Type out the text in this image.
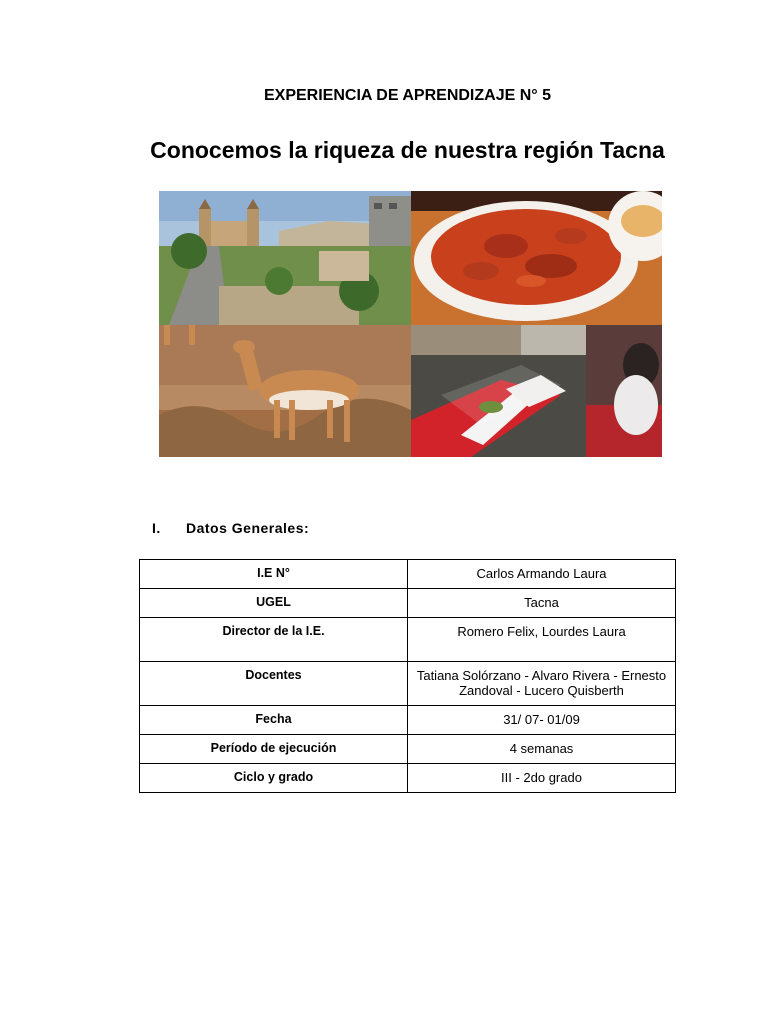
EXPERIENCIA DE APRENDIZAJE N° 5
Conocemos la riqueza de nuestra región Tacna
I. Datos Generales:
I.E N°	Carlos Armando Laura
UGEL	Tacna
Director de la I.E.	Romero Felix, Lourdes Laura
Docentes	Tatiana Solórzano - Alvaro Rivera - Ernesto Zandoval - Lucero Quisberth
Fecha	31/ 07- 01/09
Período de ejecución	4 semanas
Ciclo y grado	III - 2do grado
